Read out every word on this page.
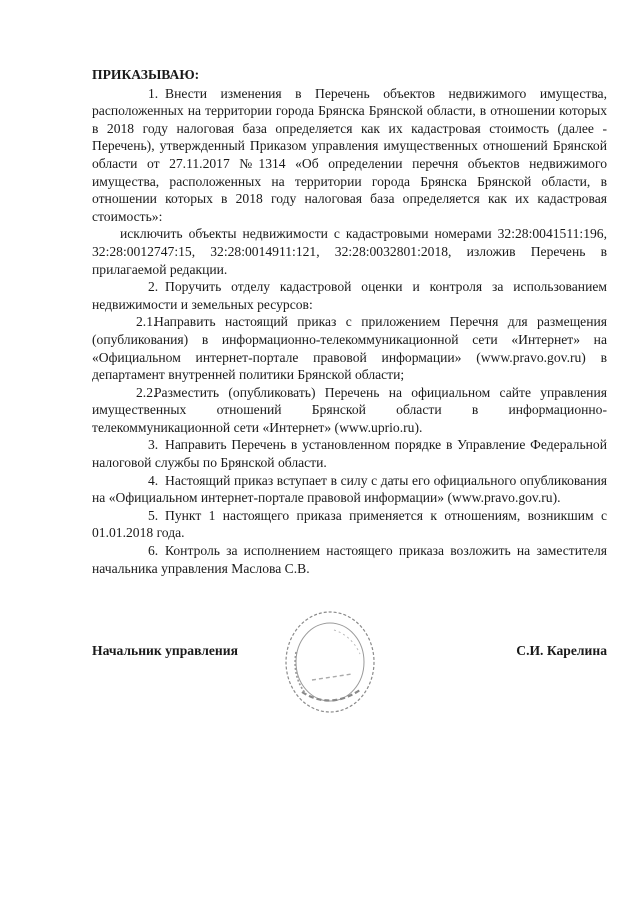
ПРИКАЗЫВАЮ:

1. Внести изменения в Перечень объектов недвижимого имущества, расположенных на территории города Брянска Брянской области, в отношении которых в 2018 году налоговая база определяется как их кадастровая стоимость (далее - Перечень), утвержденный Приказом управления имущественных отношений Брянской области от 27.11.2017 №1314 «Об определении перечня объектов недвижимого имущества, расположенных на территории города Брянска Брянской области, в отношении которых в 2018 году налоговая база определяется как их кадастровая стоимость»:

исключить объекты недвижимости с кадастровыми номерами 32:28:0041511:196, 32:28:0012747:15, 32:28:0014911:121, 32:28:0032801:2018, изложив Перечень в прилагаемой редакции.

2. Поручить отделу кадастровой оценки и контроля за использованием недвижимости и земельных ресурсов:

2.1.Направить настоящий приказ с приложением Перечня для размещения (опубликования) в информационно-телекоммуникационной сети «Интернет» на «Официальном интернет-портале правовой информации» (www.pravo.gov.ru) в департамент внутренней политики Брянской области;

2.2.Разместить (опубликовать) Перечень на официальном сайте управления имущественных отношений Брянской области в информационно-телекоммуникационной сети «Интернет» (www.uprio.ru).

3. Направить Перечень в установленном порядке в Управление Федеральной налоговой службы по Брянской области.

4. Настоящий приказ вступает в силу с даты его официального опубликования на «Официальном интернет-портале правовой информации» (www.pravo.gov.ru).

5. Пункт 1 настоящего приказа применяется к отношениям, возникшим с 01.01.2018 года.

6. Контроль за исполнением настоящего приказа возложить на заместителя начальника управления Маслова С.В.

Начальник управления	С.И. Карелина
